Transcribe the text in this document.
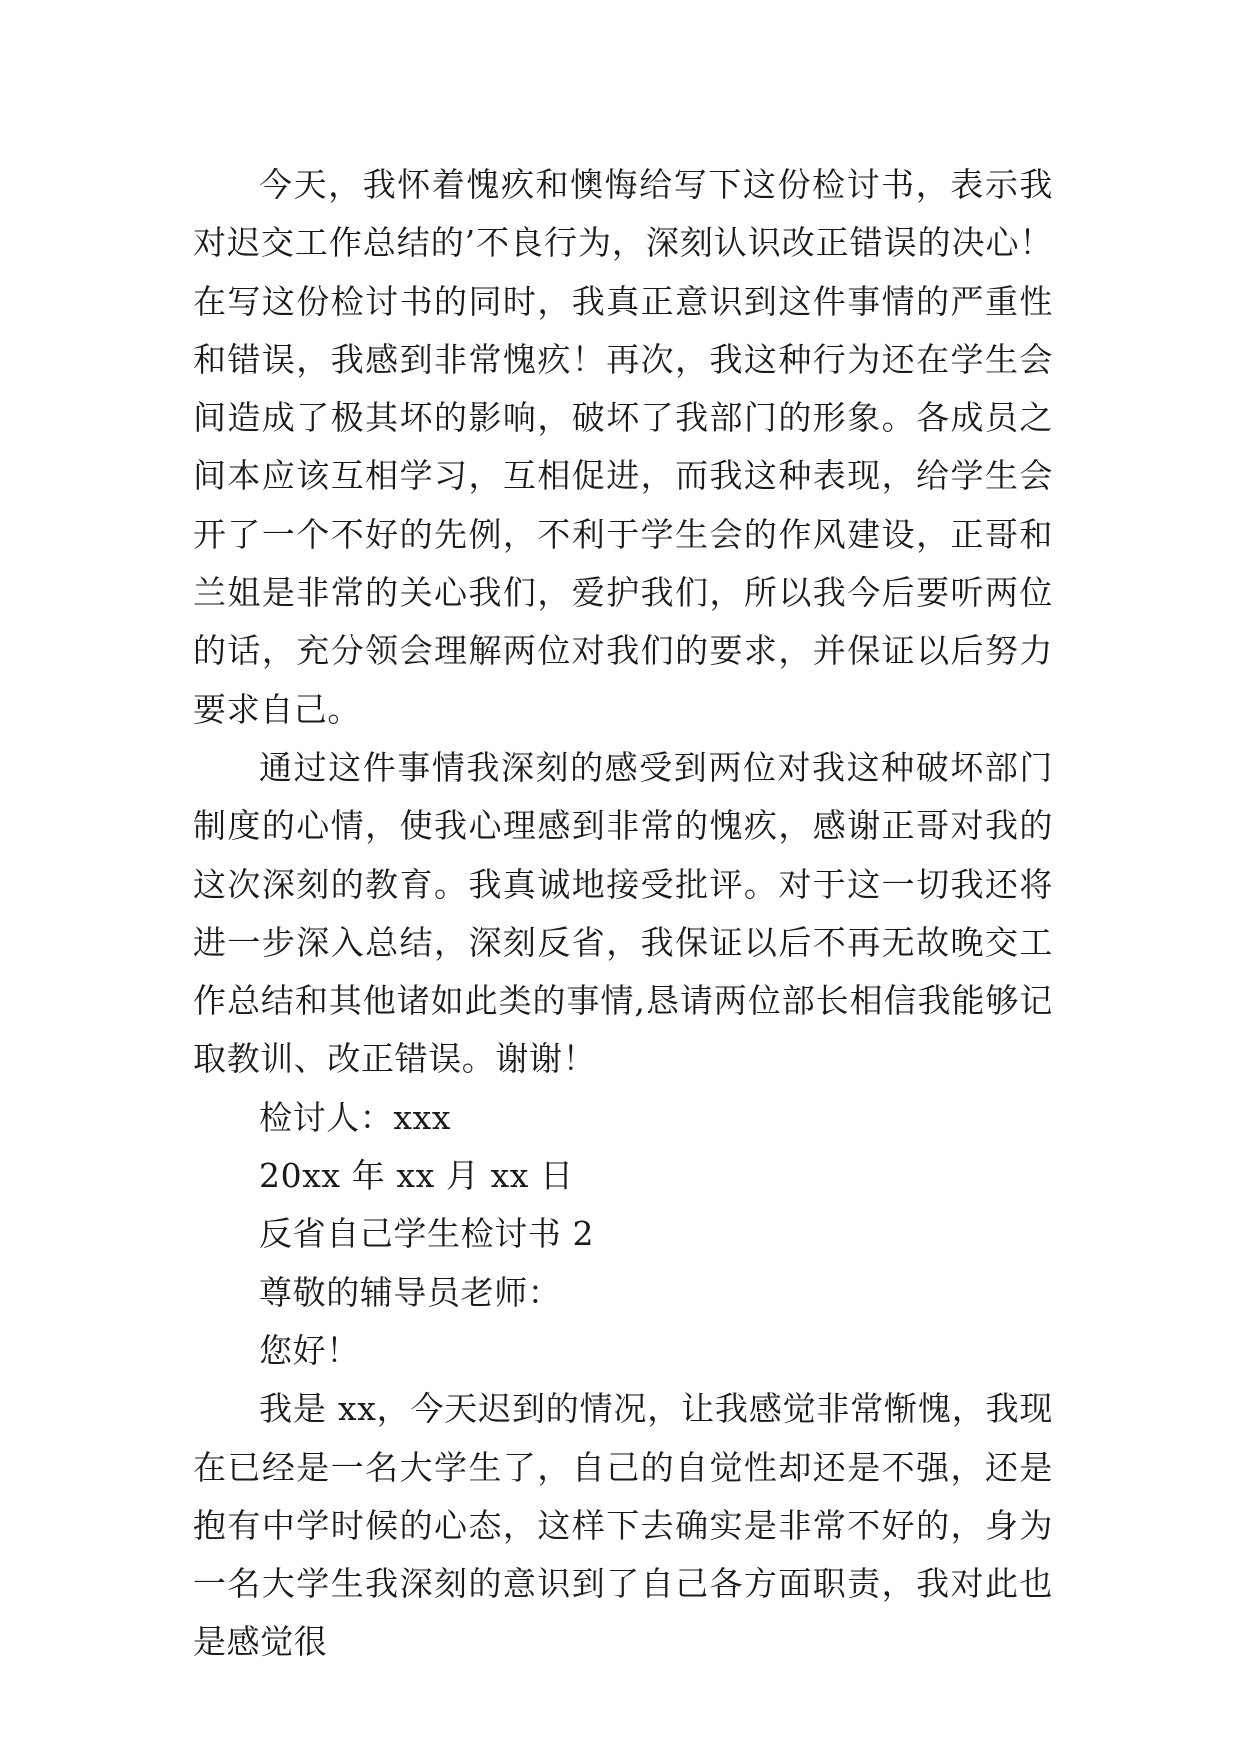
今天，我怀着愧疚和懊悔给写下这份检讨书，表示我对迟交工作总结的’不良行为，深刻认识改正错误的决心！在写这份检讨书的同时，我真正意识到这件事情的严重性和错误，我感到非常愧疚！再次，我这种行为还在学生会间造成了极其坏的影响，破坏了我部门的形象。各成员之间本应该互相学习，互相促进，而我这种表现，给学生会开了一个不好的先例，不利于学生会的作风建设，正哥和兰姐是非常的关心我们，爱护我们，所以我今后要听两位的话，充分领会理解两位对我们的要求，并保证以后努力要求自己。

通过这件事情我深刻的感受到两位对我这种破坏部门制度的心情，使我心理感到非常的愧疚，感谢正哥对我的这次深刻的教育。我真诚地接受批评。对于这一切我还将进一步深入总结，深刻反省，我保证以后不再无故晚交工作总结和其他诸如此类的事情,恳请两位部长相信我能够记取教训、改正错误。谢谢！

检讨人：xxx

20xx 年 xx 月 xx 日

反省自己学生检讨书 2

尊敬的辅导员老师：

您好！

我是 xx，今天迟到的情况，让我感觉非常惭愧，我现在已经是一名大学生了，自己的自觉性却还是不强，还是抱有中学时候的心态，这样下去确实是非常不好的，身为一名大学生我深刻的意识到了自己各方面职责，我对此也是感觉很
